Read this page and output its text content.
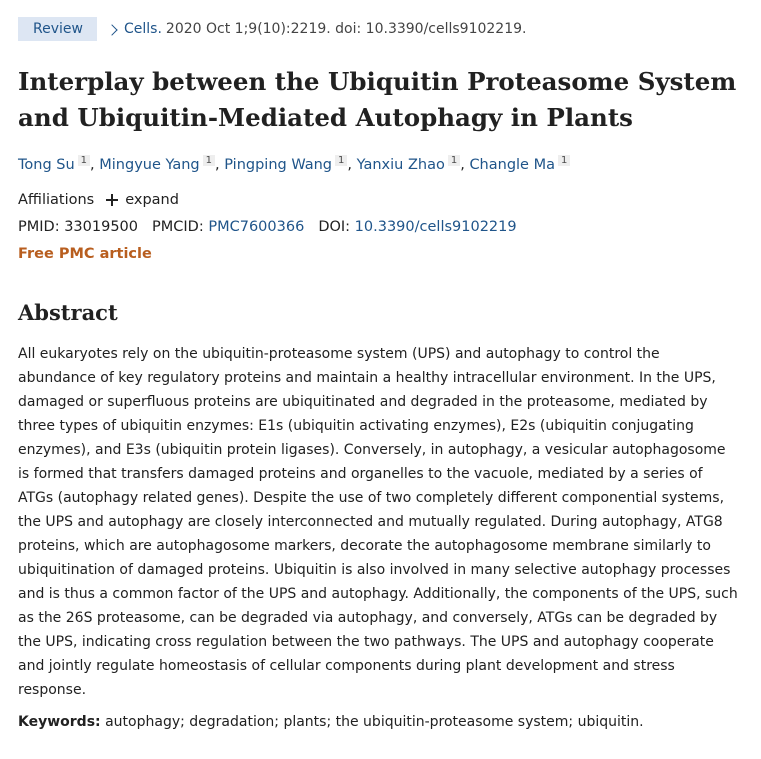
Review	Cells. 2020 Oct 1;9(10):2219. doi: 10.3390/cells9102219.
Interplay between the Ubiquitin Proteasome System and Ubiquitin-Mediated Autophagy in Plants
Tong Su $^1$ , Mingyue Yang $^1$ , Pingping Wang $^1$ , Yanxiu Zhao $^1$ , Changle Ma $^1$
Affiliations expand
PMID: 33019500 PMCID: PMC7600366 DOI: 10.3390/cells9102219
Free PMC article
Abstract

All eukaryotes rely on the ubiquitin-proteasome system (UPS) and autophagy to control the abundance of key regulatory proteins and maintain a healthy intracellular environment. In the UPS, damaged or superfluous proteins are ubiquitinated and degraded in the proteasome, mediated by three types of ubiquitin enzymes: E1s (ubiquitin activating enzymes), E2s (ubiquitin conjugating enzymes), and E3s (ubiquitin protein ligases). Conversely, in autophagy, a vesicular autophagosome is formed that transfers damaged proteins and organelles to the vacuole, mediated by a series of ATGs (autophagy related genes). Despite the use of two completely different componential systems, the UPS and autophagy are closely interconnected and mutually regulated. During autophagy, ATG8 proteins, which are autophagosome markers, decorate the autophagosome membrane similarly to ubiquitination of damaged proteins. Ubiquitin is also involved in many selective autophagy processes and is thus a common factor of the UPS and autophagy. Additionally, the components of the UPS, such as the 26S proteasome, can be degraded via autophagy, and conversely, ATGs can be degraded by the UPS, indicating cross regulation between the two pathways. The UPS and autophagy cooperate and jointly regulate homeostasis of cellular components during plant development and stress response.

Keywords: autophagy; degradation; plants; the ubiquitin-proteasome system; ubiquitin.
